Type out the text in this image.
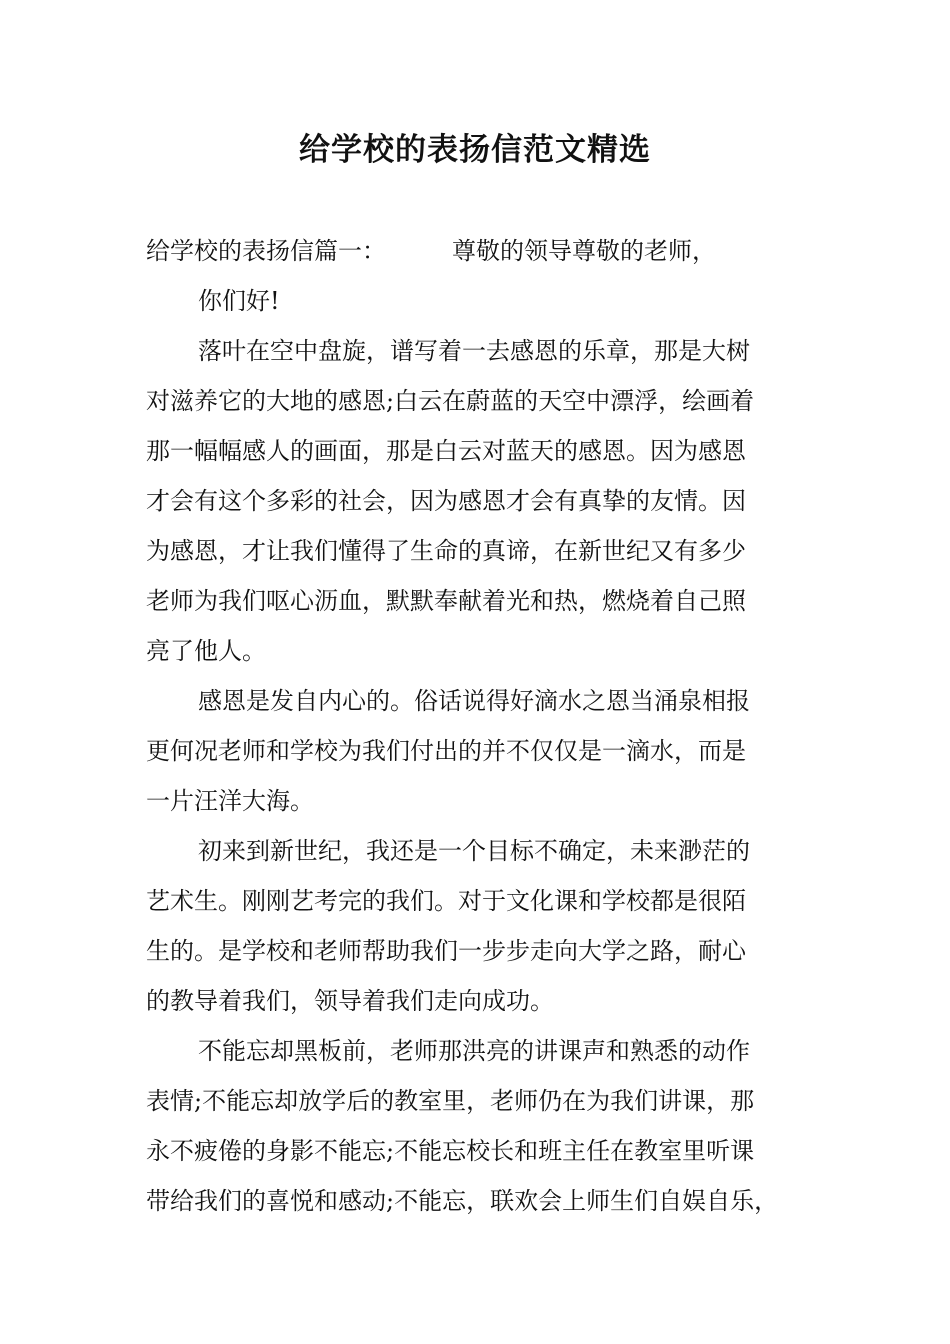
给学校的表扬信范文精选
给学校的表扬信篇一：	尊敬的领导尊敬的老师，
你们好!
落叶在空中盘旋，谱写着一去感恩的乐章，那是大树
对滋养它的大地的感恩;白云在蔚蓝的天空中漂浮，绘画着
那一幅幅感人的画面，那是白云对蓝天的感恩。因为感恩
才会有这个多彩的社会，因为感恩才会有真挚的友情。因
为感恩，才让我们懂得了生命的真谛，在新世纪又有多少
老师为我们呕心沥血，默默奉献着光和热，燃烧着自己照
亮了他人。
感恩是发自内心的。俗话说得好滴水之恩当涌泉相报
更何况老师和学校为我们付出的并不仅仅是一滴水，而是
一片汪洋大海。
初来到新世纪，我还是一个目标不确定，未来渺茫的
艺术生。刚刚艺考完的我们。对于文化课和学校都是很陌
生的。是学校和老师帮助我们一步步走向大学之路，耐心
的教导着我们，领导着我们走向成功。
不能忘却黑板前，老师那洪亮的讲课声和熟悉的动作
表情;不能忘却放学后的教室里，老师仍在为我们讲课，那
永不疲倦的身影不能忘;不能忘校长和班主任在教室里听课
带给我们的喜悦和感动;不能忘，联欢会上师生们自娱自乐，
